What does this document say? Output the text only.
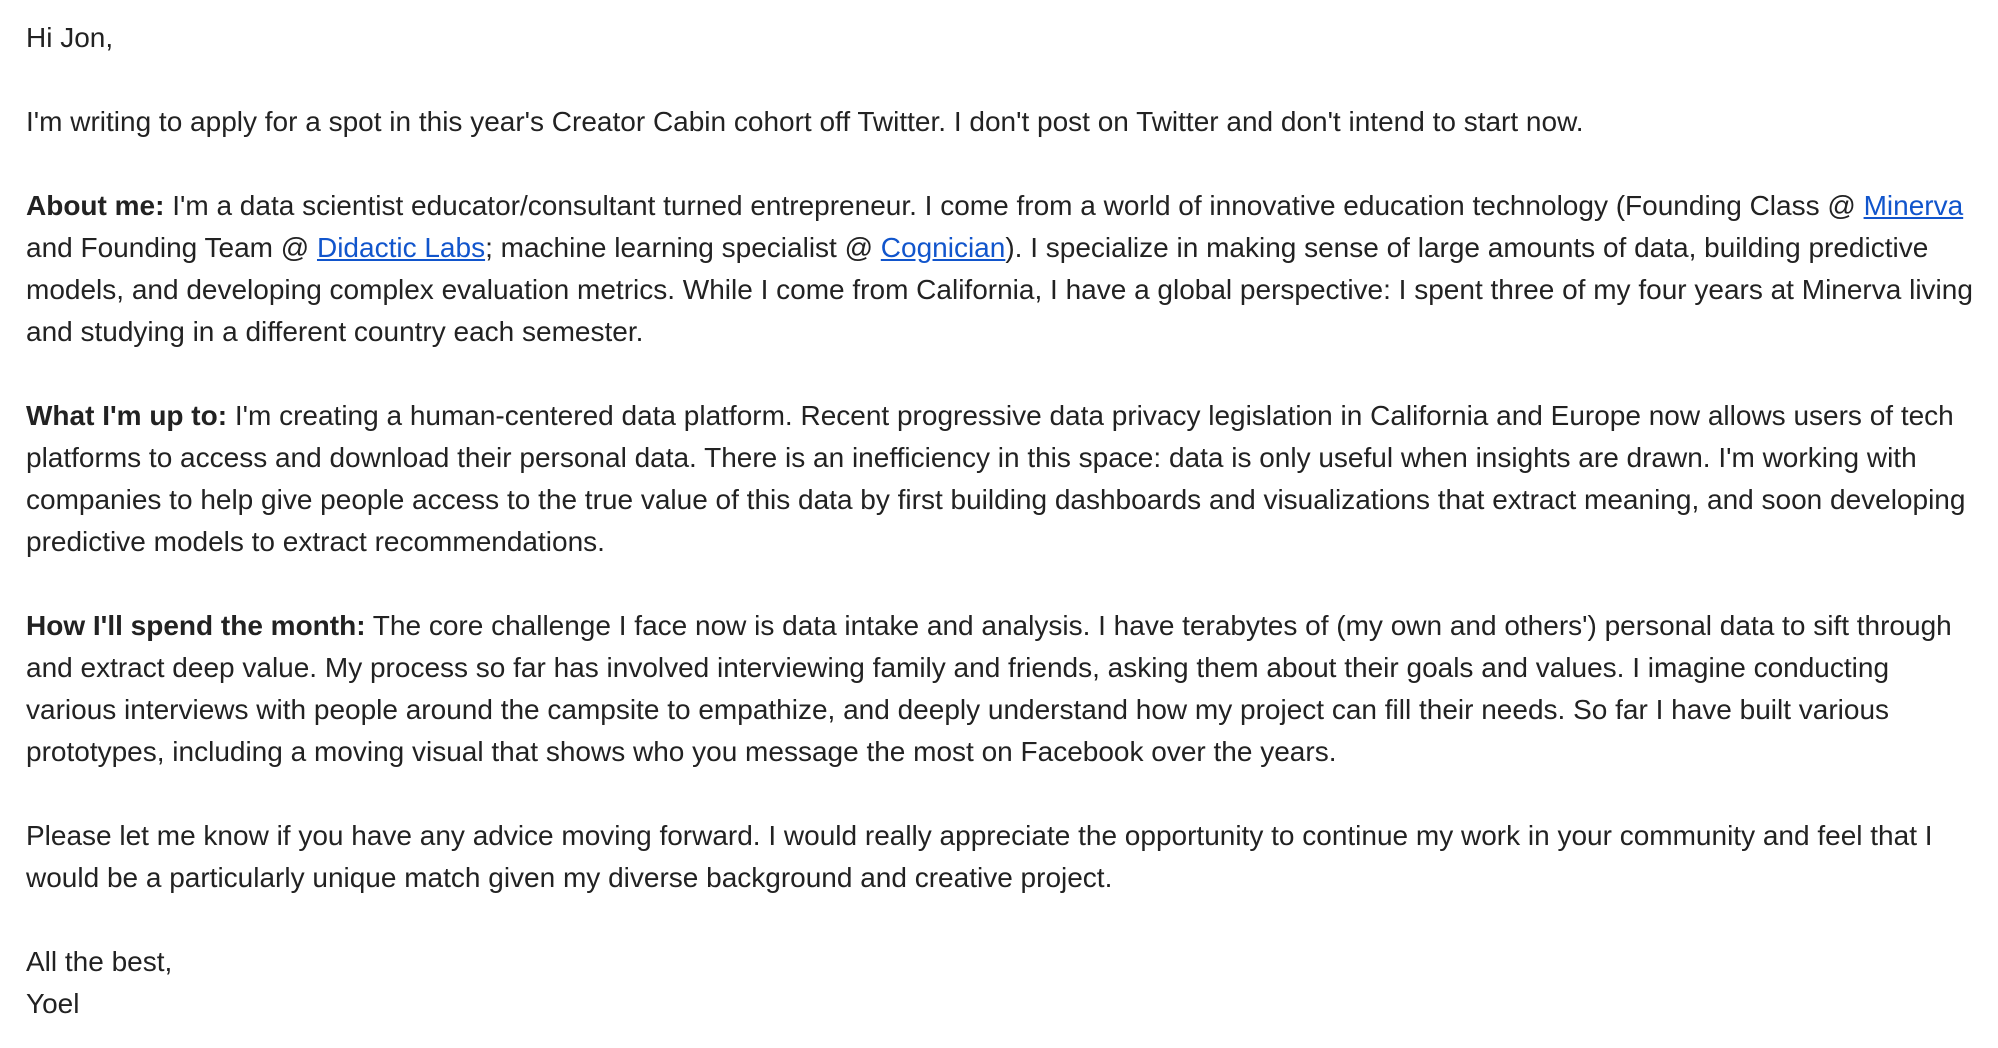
Hi Jon,

I'm writing to apply for a spot in this year's Creator Cabin cohort off Twitter. I don't post on Twitter and don't intend to start now.

About me: I'm a data scientist educator/consultant turned entrepreneur. I come from a world of innovative education technology (Founding Class @ Minerva and Founding Team @ Didactic Labs; machine learning specialist @ Cognician). I specialize in making sense of large amounts of data, building predictive models, and developing complex evaluation metrics. While I come from California, I have a global perspective: I spent three of my four years at Minerva living and studying in a different country each semester.

What I'm up to: I'm creating a human-centered data platform. Recent progressive data privacy legislation in California and Europe now allows users of tech platforms to access and download their personal data. There is an inefficiency in this space: data is only useful when insights are drawn. I'm working with companies to help give people access to the true value of this data by first building dashboards and visualizations that extract meaning, and soon developing predictive models to extract recommendations.

How I'll spend the month: The core challenge I face now is data intake and analysis. I have terabytes of (my own and others') personal data to sift through and extract deep value. My process so far has involved interviewing family and friends, asking them about their goals and values. I imagine conducting various interviews with people around the campsite to empathize, and deeply understand how my project can fill their needs. So far I have built various prototypes, including a moving visual that shows who you message the most on Facebook over the years.

Please let me know if you have any advice moving forward. I would really appreciate the opportunity to continue my work in your community and feel that I would be a particularly unique match given my diverse background and creative project.

All the best,

Yoel
